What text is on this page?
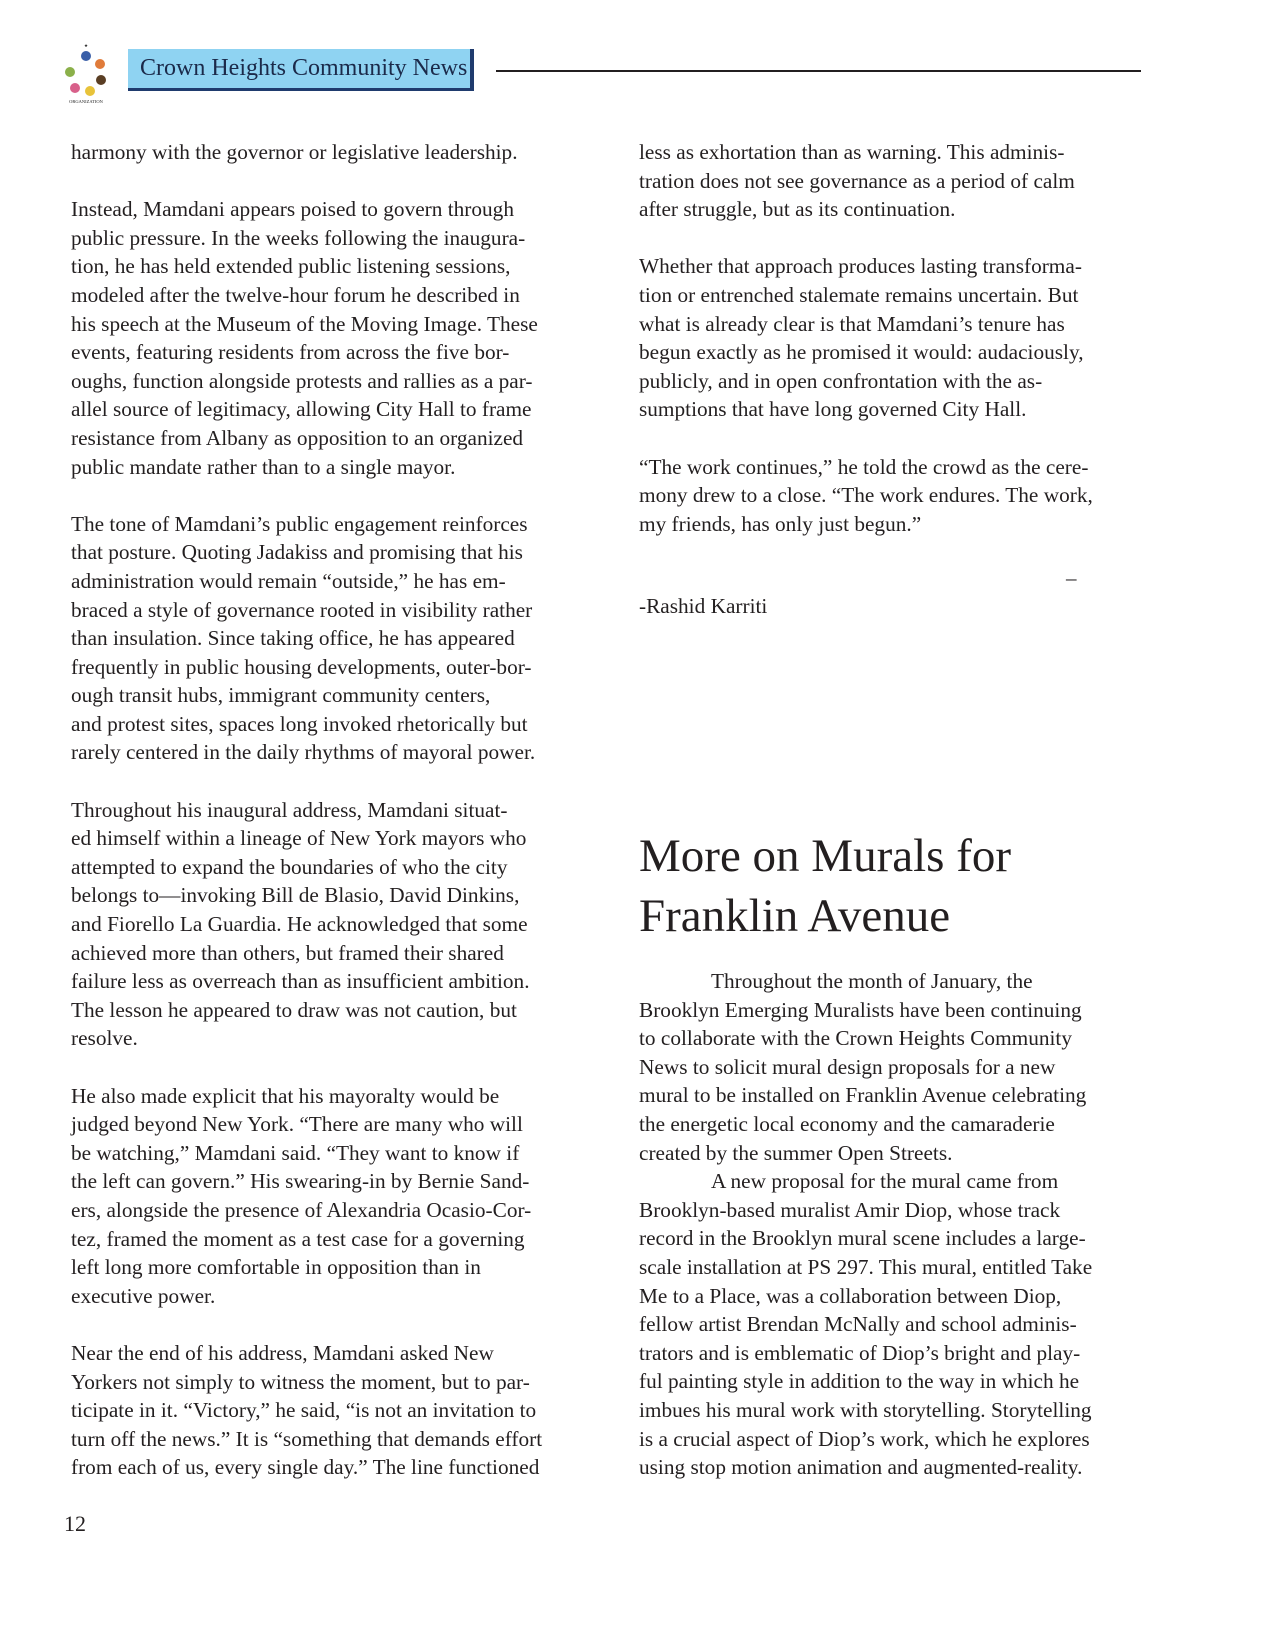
★
ORGANIZATION
Crown Heights Community News
harmony with the governor or legislative leadership.
Instead, Mamdani appears poised to govern through
public pressure. In the weeks following the inaugura-
tion, he has held extended public listening sessions,
modeled after the twelve-hour forum he described in
his speech at the Museum of the Moving Image. These
events, featuring residents from across the five bor-
oughs, function alongside protests and rallies as a par-
allel source of legitimacy, allowing City Hall to frame
resistance from Albany as opposition to an organized
public mandate rather than to a single mayor.
The tone of Mamdani’s public engagement reinforces
that posture. Quoting Jadakiss and promising that his
administration would remain “outside,” he has em-
braced a style of governance rooted in visibility rather
than insulation. Since taking office, he has appeared
frequently in public housing developments, outer-bor-
ough transit hubs, immigrant community centers,
and protest sites, spaces long invoked rhetorically but
rarely centered in the daily rhythms of mayoral power.
Throughout his inaugural address, Mamdani situat-
ed himself within a lineage of New York mayors who
attempted to expand the boundaries of who the city
belongs to—invoking Bill de Blasio, David Dinkins,
and Fiorello La Guardia. He acknowledged that some
achieved more than others, but framed their shared
failure less as overreach than as insufficient ambition.
The lesson he appeared to draw was not caution, but
resolve.
He also made explicit that his mayoralty would be
judged beyond New York. “There are many who will
be watching,” Mamdani said. “They want to know if
the left can govern.” His swearing-in by Bernie Sand-
ers, alongside the presence of Alexandria Ocasio-Cor-
tez, framed the moment as a test case for a governing
left long more comfortable in opposition than in
executive power.
Near the end of his address, Mamdani asked New
Yorkers not simply to witness the moment, but to par-
ticipate in it. “Victory,” he said, “is not an invitation to
turn off the news.” It is “something that demands effort
from each of us, every single day.” The line functioned
less as exhortation than as warning. This adminis-
tration does not see governance as a period of calm
after struggle, but as its continuation.
Whether that approach produces lasting transforma-
tion or entrenched stalemate remains uncertain. But
what is already clear is that Mamdani’s tenure has
begun exactly as he promised it would: audaciously,
publicly, and in open confrontation with the as-
sumptions that have long governed City Hall.
“The work continues,” he told the crowd as the cere-
mony drew to a close. “The work endures. The work,
my friends, has only just begun.”
–
-Rashid Karriti
More on Murals for
Franklin Avenue
Throughout the month of January, the
Brooklyn Emerging Muralists have been continuing
to collaborate with the Crown Heights Community
News to solicit mural design proposals for a new
mural to be installed on Franklin Avenue celebrating
the energetic local economy and the camaraderie
created by the summer Open Streets.
A new proposal for the mural came from
Brooklyn-based muralist Amir Diop, whose track
record in the Brooklyn mural scene includes a large-
scale installation at PS 297. This mural, entitled Take
Me to a Place, was a collaboration between Diop,
fellow artist Brendan McNally and school adminis-
trators and is emblematic of Diop’s bright and play-
ful painting style in addition to the way in which he
imbues his mural work with storytelling. Storytelling
is a crucial aspect of Diop’s work, which he explores
using stop motion animation and augmented-reality.
12
